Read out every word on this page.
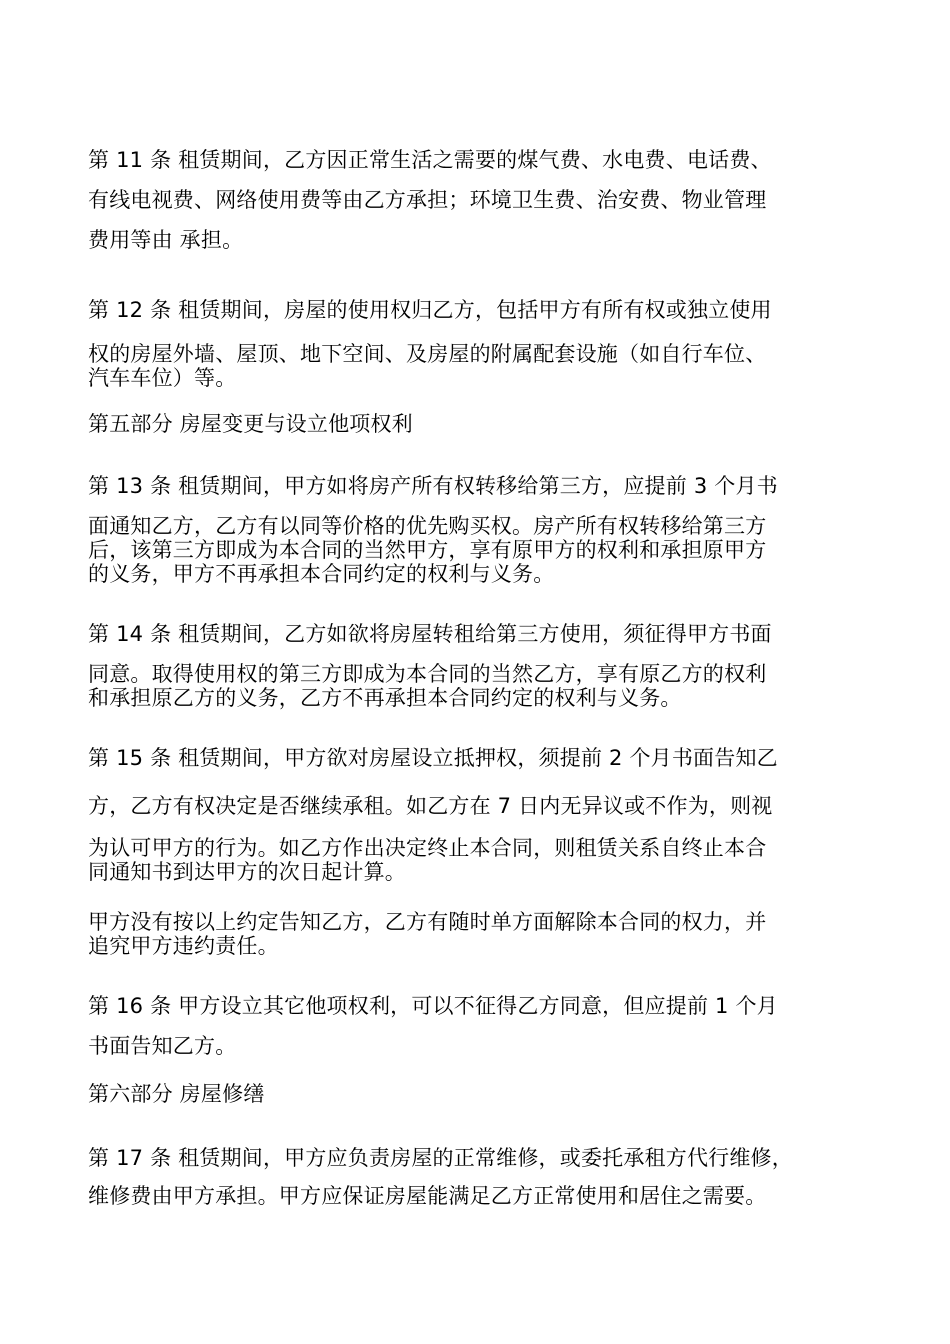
第 11 条 租赁期间，乙方因正常生活之需要的煤气费、水电费、电话费、
有线电视费、网络使用费等由乙方承担；环境卫生费、治安费、物业管理
费用等由 承担。
第 12 条 租赁期间，房屋的使用权归乙方，包括甲方有所有权或独立使用
权的房屋外墙、屋顶、地下空间、及房屋的附属配套设施（如自行车位、
汽车车位）等。
第五部分 房屋变更与设立他项权利
第 13 条 租赁期间，甲方如将房产所有权转移给第三方，应提前 3 个月书
面通知乙方，乙方有以同等价格的优先购买权。房产所有权转移给第三方
后，该第三方即成为本合同的当然甲方，享有原甲方的权利和承担原甲方
的义务，甲方不再承担本合同约定的权利与义务。
第 14 条 租赁期间，乙方如欲将房屋转租给第三方使用，须征得甲方书面
同意。取得使用权的第三方即成为本合同的当然乙方，享有原乙方的权利
和承担原乙方的义务，乙方不再承担本合同约定的权利与义务。
第 15 条 租赁期间，甲方欲对房屋设立抵押权，须提前 2 个月书面告知乙
方，乙方有权决定是否继续承租。如乙方在 7 日内无异议或不作为，则视
为认可甲方的行为。如乙方作出决定终止本合同，则租赁关系自终止本合
同通知书到达甲方的次日起计算。
甲方没有按以上约定告知乙方，乙方有随时单方面解除本合同的权力，并
追究甲方违约责任。
第 16 条 甲方设立其它他项权利，可以不征得乙方同意，但应提前 1 个月
书面告知乙方。
第六部分 房屋修缮
第 17 条 租赁期间，甲方应负责房屋的正常维修，或委托承租方代行维修，
维修费由甲方承担。甲方应保证房屋能满足乙方正常使用和居住之需要。
